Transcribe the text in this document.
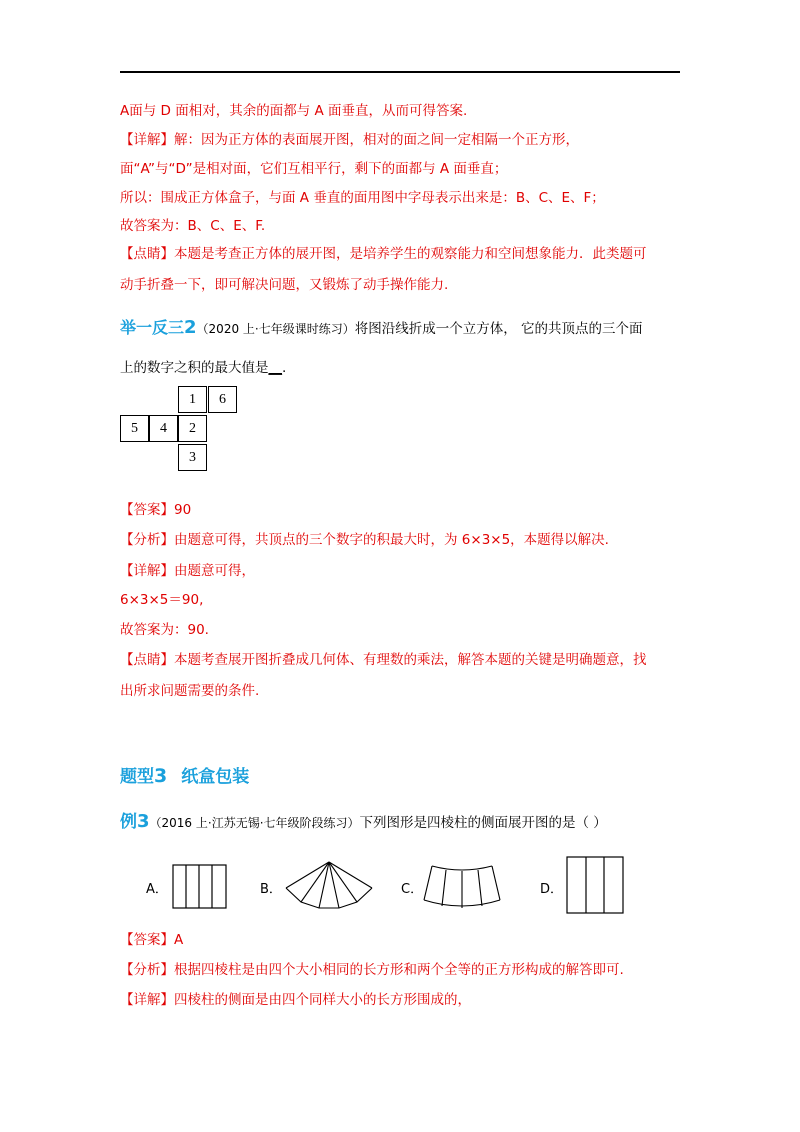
A面与 D 面相对，其余的面都与 A 面垂直，从而可得答案.
【详解】解：因为正方体的表面展开图，相对的面之间一定相隔一个正方形，
面“A”与“D”是相对面，它们互相平行，剩下的面都与 A 面垂直；
所以：围成正方体盒子，与面 A 垂直的面用图中字母表示出来是：B、C、E、F；
故答案为：B、C、E、F.
【点睛】本题是考查正方体的展开图，是培养学生的观察能力和空间想象能力．此类题可
动手折叠一下，即可解决问题，又锻炼了动手操作能力.
举一反三2（2020 上·七年级课时练习）将图沿线折成一个立方体， 它的共顶点的三个面
上的数字之积的最大值是__.
1	6
5	4	2
3
【答案】90
【分析】由题意可得，共顶点的三个数字的积最大时，为 6×3×5，本题得以解决.
【详解】由题意可得，
6×3×5＝90,
故答案为：90.
【点睛】本题考查展开图折叠成几何体、有理数的乘法，解答本题的关键是明确题意，找
出所求问题需要的条件.
题型3 纸盒包装
例3（2016 上·江苏无锡·七年级阶段练习）下列图形是四棱柱的侧面展开图的是（ ）
A．	B．	C．	D．
【答案】A
【分析】根据四棱柱是由四个大小相同的长方形和两个全等的正方形构成的解答即可.
【详解】四棱柱的侧面是由四个同样大小的长方形围成的，
